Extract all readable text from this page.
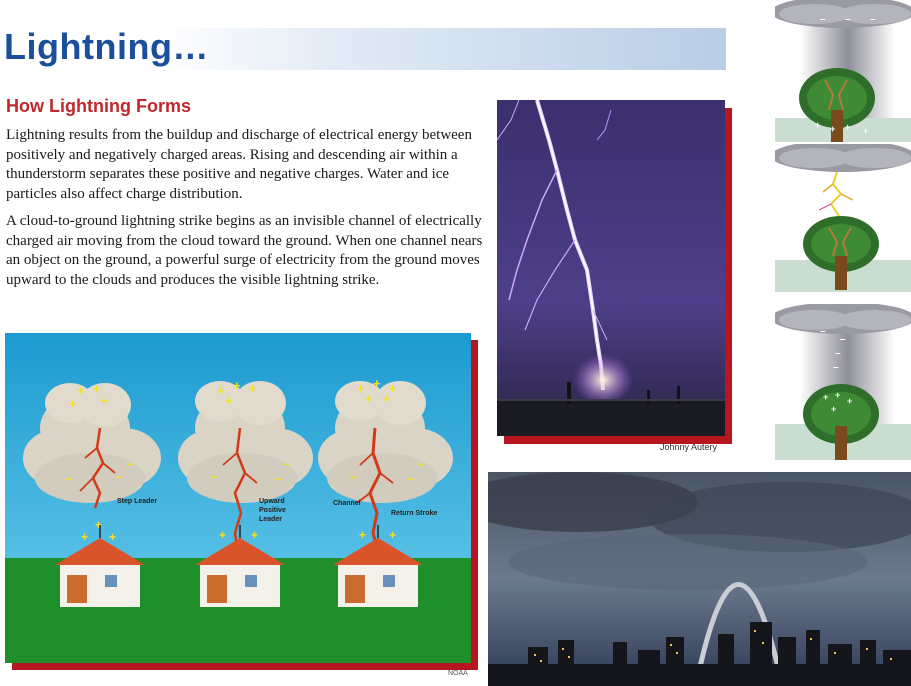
Lightning…
How Lightning Forms

Lightning results from the buildup and discharge of electrical energy between positively and negatively charged areas. Rising and descending air within a thunderstorm separates these positive and negative charges. Water and ice particles also affect charge distribution.

A cloud-to-ground lightning strike begins as an invisible channel of electrically charged air moving from the cloud toward the ground. When one channel nears an object on the ground, a powerful surge of electricity from the ground moves upward to the clouds and produces the visible lightning strike.

Johnny Autery
+ +
+ +
+ + +
+
+ + +
+ +
–	–
–
–	–
–
–	–
–
+ +
+
+ +	+ +
Step Leader	Upward
Positive
Leader
Channel
Return Stroke
NOAA
– – –
+ + + +
–
–
–
–
+ +
+
+
